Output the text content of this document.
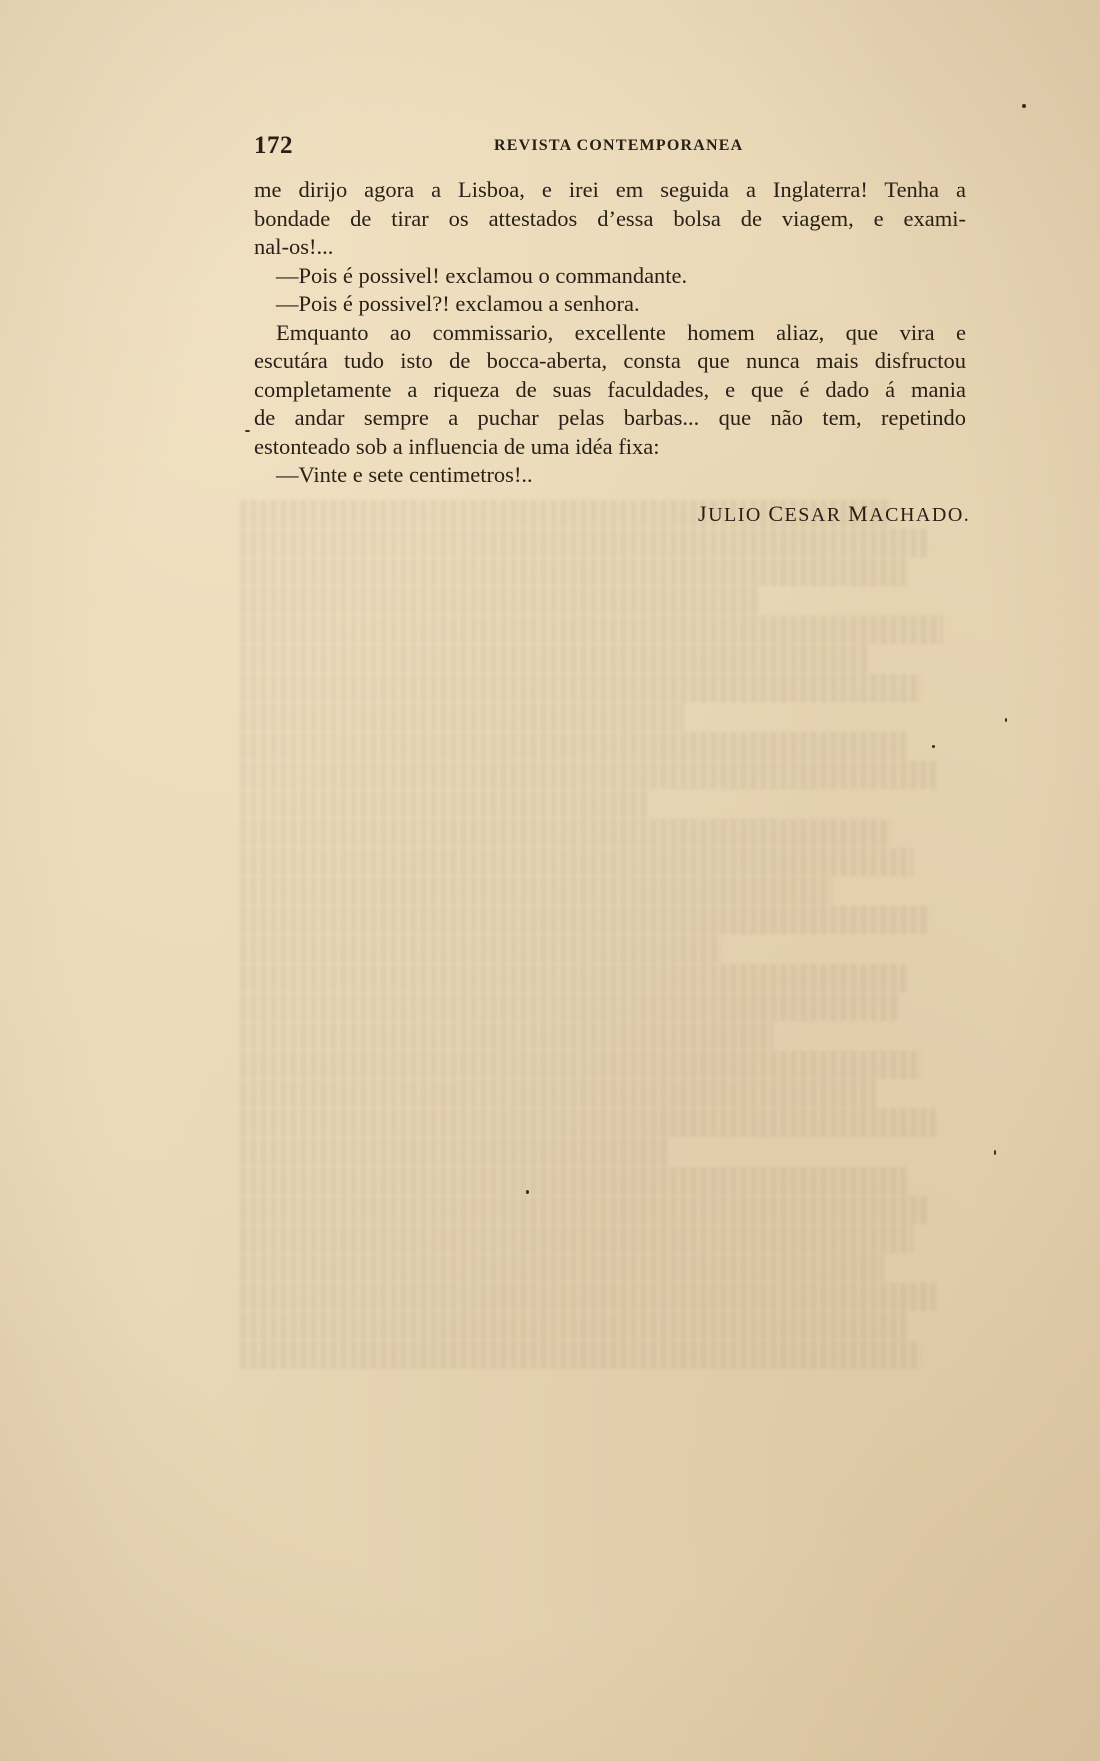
172	REVISTA CONTEMPORANEA
me dirijo agora a Lisboa, e irei em seguida a Inglaterra! Tenha a
bondade de tirar os attestados d’essa bolsa de viagem, e exami-
nal-os!...
—Pois é possivel! exclamou o commandante.
—Pois é possivel?! exclamou a senhora.
Emquanto ao commissario, excellente homem aliaz, que vira e
escutára tudo isto de bocca-aberta, consta que nunca mais disfructou
completamente a riqueza de suas faculdades, e que é dado á mania
de andar sempre a puchar pelas barbas... que não tem, repetindo
estonteado sob a influencia de uma idéa fixa:
—Vinte e sete centimetros!..
JULIO CESAR MACHADO.
